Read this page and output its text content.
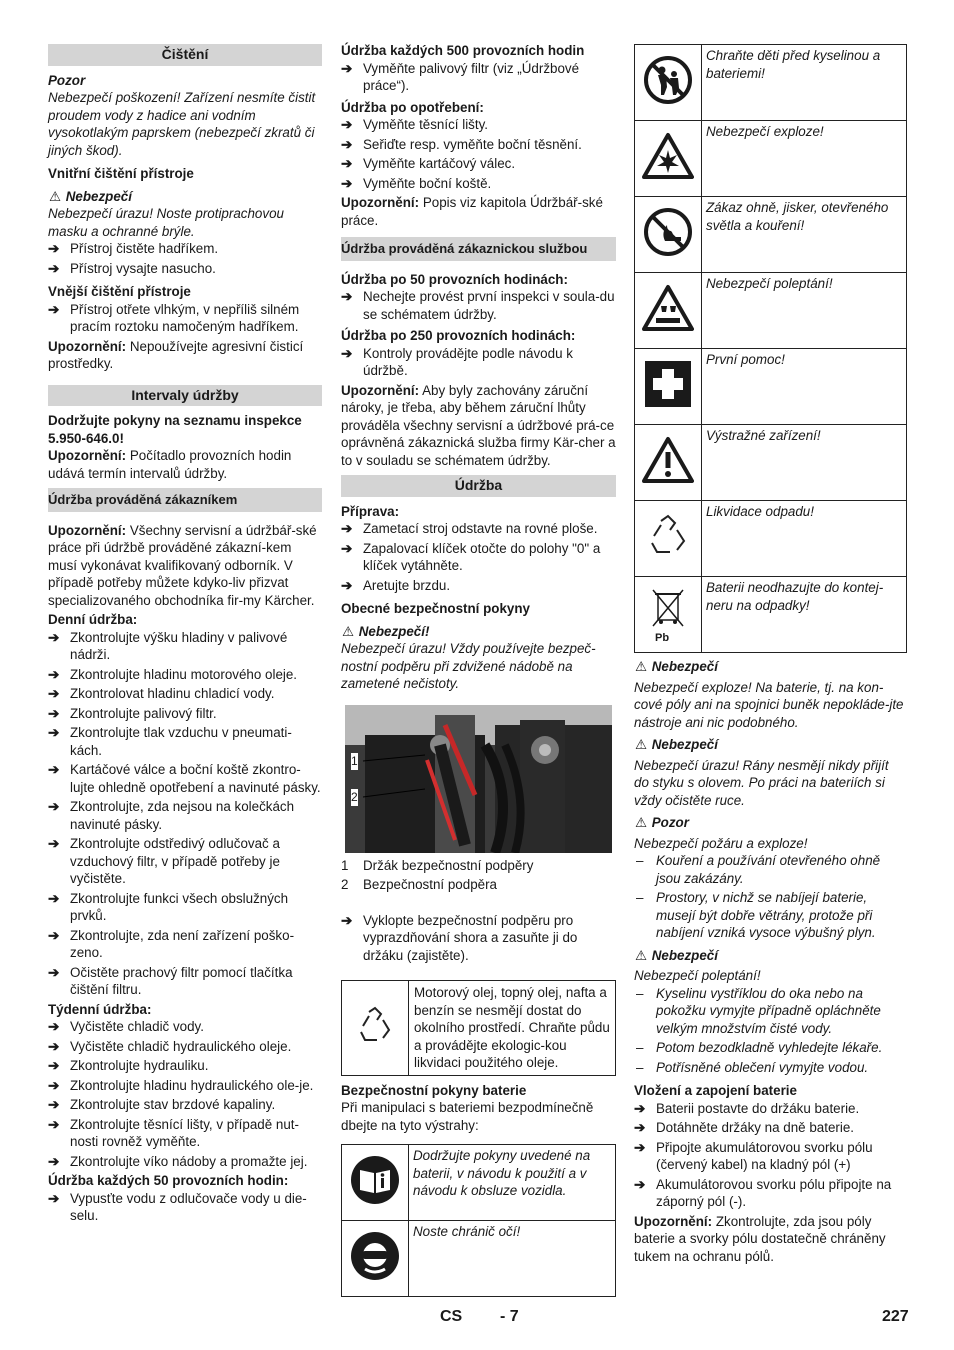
Čištění

Pozor

Nebezpečí poškození! Zařízení nesmíte čistit proudem vody z hadice ani vodním vysokotlakým paprskem (nebezpečí zkratů či jiných škod).

Vnitřní čištění přístroje

⚠ Nebezpečí

Nebezpečí úrazu! Noste protiprachovou masku a ochranné brýle.

➔ Přístroj čistěte hadříkem.
➔ Přístroj vysajte nasucho.

Vnější čištění přístroje

➔ Přístroj otřete vlhkým, v nepříliš silném pracím roztoku namočeným hadříkem.

Upozornění: Nepoužívejte agresivní čisticí prostředky.

Intervaly údržby

Dodržujte pokyny na seznamu inspekce 5.950-646.0!

Upozornění: Počítadlo provozních hodin udává termín intervalů údržby.

Údržba prováděná zákazníkem

Upozornění: Všechny servisní a údržbář-ské práce při údržbě prováděné zákazní-kem musí vykonávat kvalifikovaný odborník. V případě potřeby můžete kdyko-liv přizvat specializovaného obchodníka fir-my Kärcher.

Denní údržba:

➔ Zkontrolujte výšku hladiny v palivové nádrži.
➔ Zkontrolujte hladinu motorového oleje.
➔ Zkontrolovat hladinu chladicí vody.
➔ Zkontrolujte palivový filtr.
➔ Zkontrolujte tlak vzduchu v pneumati-kách.
➔ Kartáčové válce a boční koště zkontro-lujte ohledně opotřebení a navinuté pásky.
➔ Zkontrolujte, zda nejsou na kolečkách navinuté pásky.
➔ Zkontrolujte odstředivý odlučovač a vzduchový filtr, v případě potřeby je vyčistěte.
➔ Zkontrolujte funkci všech obslužných prvků.
➔ Zkontrolujte, zda není zařízení poško-zeno.
➔ Očistěte prachový filtr pomocí tlačítka čištění filtru.

Týdenní údržba:

➔ Vyčistěte chladič vody.
➔ Vyčistěte chladič hydraulického oleje.
➔ Zkontrolujte hydrauliku.
➔ Zkontrolujte hladinu hydraulického ole-je.
➔ Zkontrolujte stav brzdové kapaliny.
➔ Zkontrolujte těsnící lišty, v případě nut-nosti rovněž vyměňte.
➔ Zkontrolujte víko nádoby a promažte jej.

Údržba každých 50 provozních hodin:

➔ Vypusťte vodu z odlučovače vody u die-selu.

Údržba každých 500 provozních hodin

➔ Vyměňte palivový filtr (viz „Údržbové práce“).

Údržba po opotřebení:

➔ Vyměňte těsnící lišty.
➔ Seřiďte resp. vyměňte boční těsnění.
➔ Vyměňte kartáčový válec.
➔ Vyměňte boční koště.

Upozornění: Popis viz kapitola Údržbář-ské práce.

Údržba prováděná zákaznickou službou

Údržba po 50 provozních hodinách:

➔ Nechejte provést první inspekci v soula-du se schématem údržby.

Údržba po 250 provozních hodinách:

➔ Kontroly provádějte podle návodu k údržbě.

Upozornění: Aby byly zachovány záruční nároky, je třeba, aby během záruční lhůty prováděla všechny servisní a údržbové prá-ce oprávněná zákaznická služba firmy Kär-cher a to v souladu se schématem údržby.

Údržba

Příprava:

➔ Zametací stroj odstavte na rovné ploše.
➔ Zapalovací klíček otočte do polohy "0" a klíček vytáhněte.
➔ Aretujte brzdu.

Obecné bezpečnostní pokyny

⚠ Nebezpečí!

Nebezpečí úrazu! Vždy používejte bezpeč-nostní podpěru při zdvižené nádobě na zametené nečistoty.

1
2
1	Držák bezpečnostní podpěry
2	Bezpečnostní podpěra
➔ Vyklopte bezpečnostní podpěru pro vyprazdňování shora a zasuňte ji do držáku (zajistěte).
	Motorový olej, topný olej, nafta a benzín se nesmějí dostat do okolního prostředí. Chraňte půdu a provádějte ekologic-kou likvidaci použitého oleje.

Bezpečnostní pokyny baterie

Při manipulaci s bateriemi bezpodmínečně dbejte na tyto výstrahy:

	Dodržujte pokyny uvedené na baterii, v návodu k použití a v návodu k obsluze vozidla.
	Noste chránič očí!
	Chraňte děti před kyselinou a bateriemi!
	Nebezpečí exploze!
	Zákaz ohně, jisker, otevřeného světla a kouření!
	Nebezpečí poleptání!
	První pomoc!
	Výstražné zařízení!
	Likvidace odpadu!

Pb	Baterii neodhazujte do kontej-neru na odpadky!

⚠ Nebezpečí

Nebezpečí exploze! Na baterie, tj. na kon-cové póly ani na spojnici buněk nepokláde-jte nástroje ani nic podobného.

⚠ Nebezpečí

Nebezpečí úrazu! Rány nesmějí nikdy přijít do styku s olovem. Po práci na bateriích si vždy očistěte ruce.

⚠ Pozor

Nebezpečí požáru a exploze!

– Kouření a používání otevřeného ohně jsou zakázány.
– Prostory, v nichž se nabíjejí baterie, musejí být dobře větrány, protože při nabíjení vzniká vysoce výbušný plyn.

⚠ Nebezpečí

Nebezpečí poleptání!

– Kyselinu vystříklou do oka nebo na pokožku vymyjte případně opláchněte velkým množstvím čisté vody.
– Potom bezodkladně vyhledejte lékaře.
– Potřísněné oblečení vymyjte vodou.

Vložení a zapojení baterie

➔ Baterii postavte do držáku baterie.
➔ Dotáhněte držáky na dně baterie.
➔ Připojte akumulátorovou svorku pólu (červený kabel) na kladný pól (+)
➔ Akumulátorovou svorku pólu připojte na záporný pól (-).

Upozornění: Zkontrolujte, zda jsou póly baterie a svorky pólu dostatečně chráněny tukem na ochranu pólů.

CS - 7	227
